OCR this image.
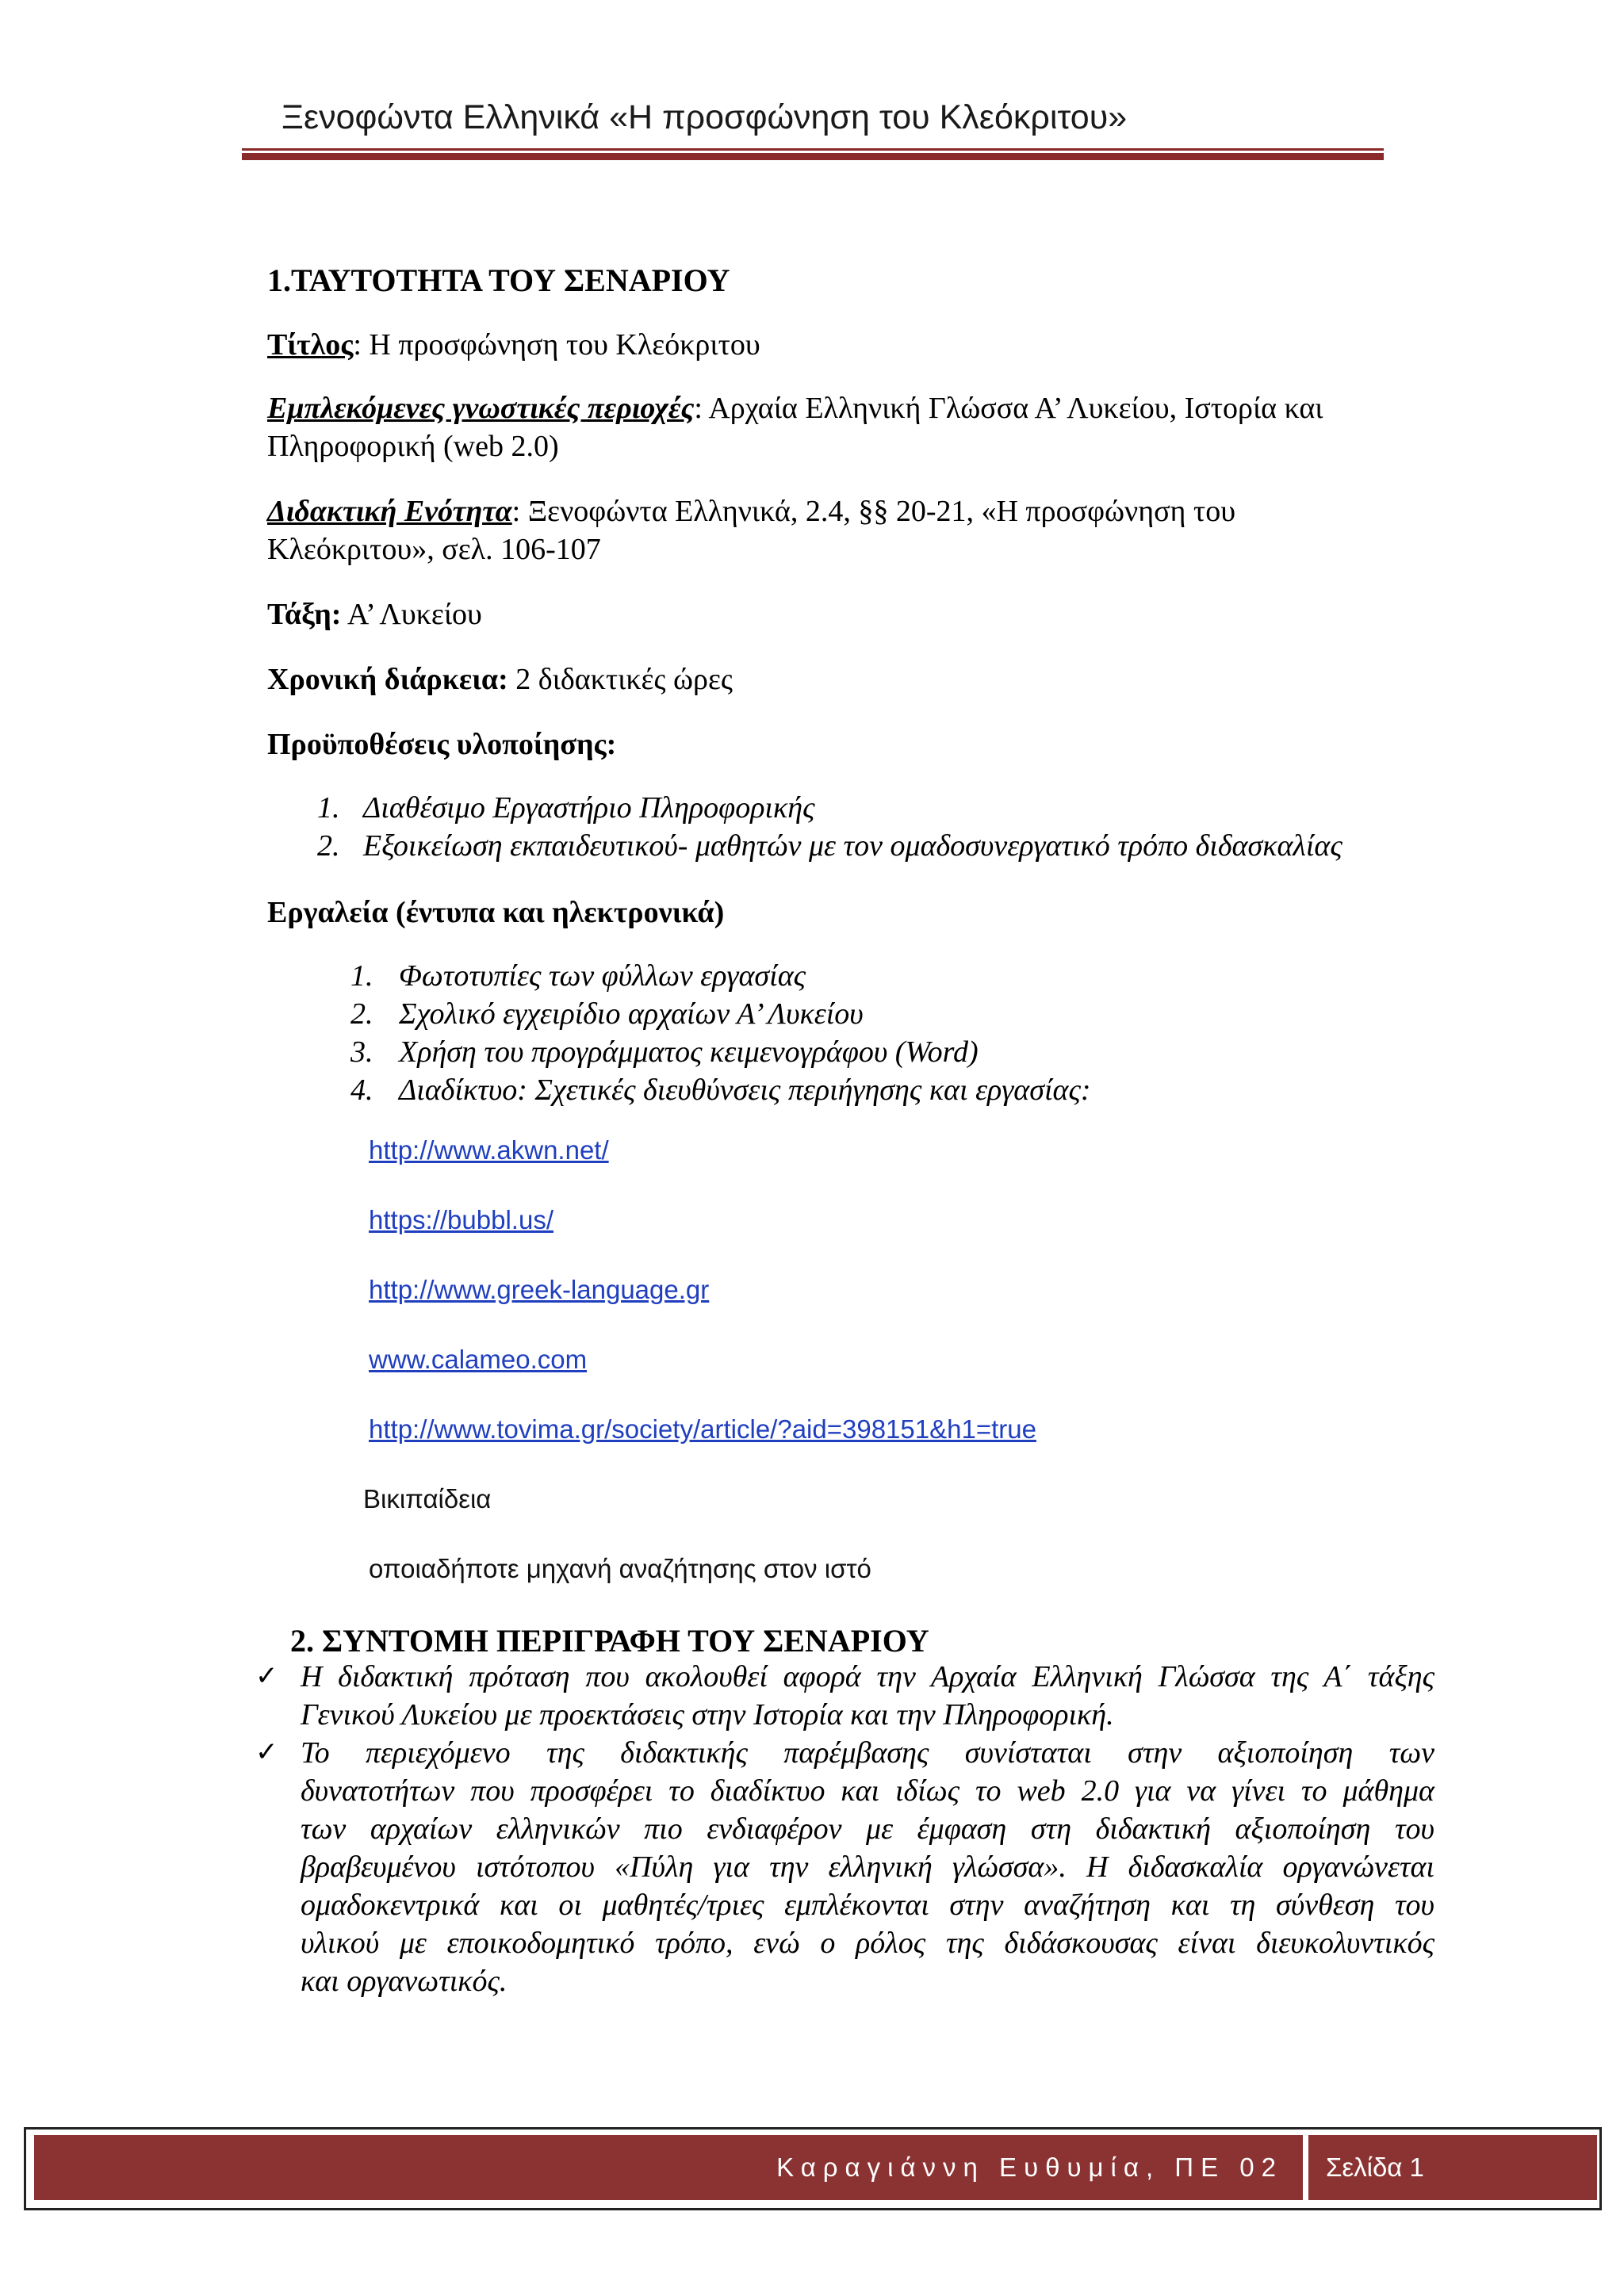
Ξενοφώντα Ελληνικά «Η προσφώνηση του Κλεόκριτου»
1.ΤΑΥΤΟΤΗΤΑ ΤΟΥ ΣΕΝΑΡΙΟΥ
Τίτλος: Η προσφώνηση του Κλεόκριτου
Εμπλεκόμενες γνωστικές περιοχές: Αρχαία Ελληνική Γλώσσα Α’ Λυκείου, Ιστορία και
Πληροφορική (web 2.0)
Διδακτική Ενότητα: Ξενοφώντα Ελληνικά, 2.4, §§ 20-21, «Η προσφώνηση του
Κλεόκριτου», σελ. 106-107
Τάξη: Α’ Λυκείου
Χρονική διάρκεια: 2 διδακτικές ώρες
Προϋποθέσεις υλοποίησης:
1. Διαθέσιμο Εργαστήριο Πληροφορικής
2. Εξοικείωση εκπαιδευτικού- μαθητών με τον ομαδοσυνεργατικό τρόπο διδασκαλίας
Εργαλεία (έντυπα και ηλεκτρονικά)
1. Φωτοτυπίες των φύλλων εργασίας
2. Σχολικό εγχειρίδιο αρχαίων Α’ Λυκείου
3. Χρήση του προγράμματος κειμενογράφου (Word)
4. Διαδίκτυο: Σχετικές διευθύνσεις περιήγησης και εργασίας:
http://www.akwn.net/
https://bubbl.us/
http://www.greek-language.gr
www.calameo.com
http://www.tovima.gr/society/article/?aid=398151&h1=true
Βικιπαίδεια
οποιαδήποτε μηχανή αναζήτησης στον ιστό
2. ΣΥΝΤΟΜΗ ΠΕΡΙΓΡΑΦΗ ΤΟΥ ΣΕΝΑΡΙΟΥ
✓ Η διδακτική πρόταση που ακολουθεί αφορά την Αρχαία Ελληνική Γλώσσα της Α΄ τάξης
Γενικού Λυκείου με προεκτάσεις στην Ιστορία και την Πληροφορική.
✓ Το περιεχόμενο της διδακτικής παρέμβασης συνίσταται στην αξιοποίηση των
δυνατοτήτων που προσφέρει το διαδίκτυο και ιδίως το web 2.0 για να γίνει το μάθημα
των αρχαίων ελληνικών πιο ενδιαφέρον με έμφαση στη διδακτική αξιοποίηση του
βραβευμένου ιστότοπου «Πύλη για την ελληνική γλώσσα». Η διδασκαλία οργανώνεται
ομαδοκεντρικά και οι μαθητές/τριες εμπλέκονται στην αναζήτηση και τη σύνθεση του
υλικού με εποικοδομητικό τρόπο, ενώ ο ρόλος της διδάσκουσας είναι διευκολυντικός
και οργανωτικός.
Καραγιάννη Ευθυμία, ΠΕ 02	Σελίδα 1
